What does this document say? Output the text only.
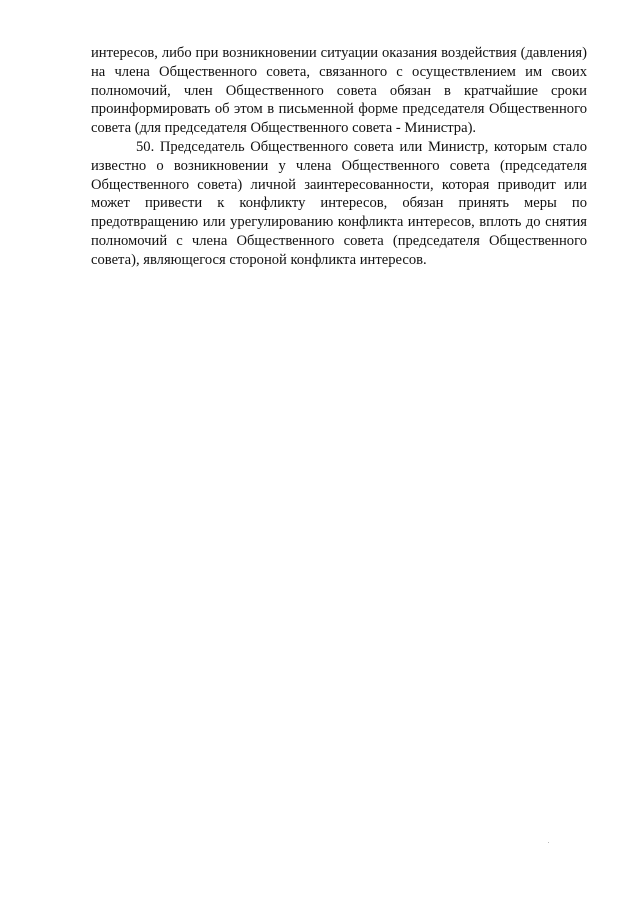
интересов, либо при возникновении ситуации оказания воздействия (давления) на члена Общественного совета, связанного с осуществлением им своих полномочий, член Общественного совета обязан в кратчайшие сроки проинформировать об этом в письменной форме председателя Общественного совета (для председателя Общественного совета - Министра).

50. Председатель Общественного совета или Министр, которым стало известно о возникновении у члена Общественного совета (председателя Общественного совета) личной заинтересованности, которая приводит или может привести к конфликту интересов, обязан принять меры по предотвращению или урегулированию конфликта интересов, вплоть до снятия полномочий с члена Общественного совета (председателя Общественного совета), являющегося стороной конфликта интересов.
